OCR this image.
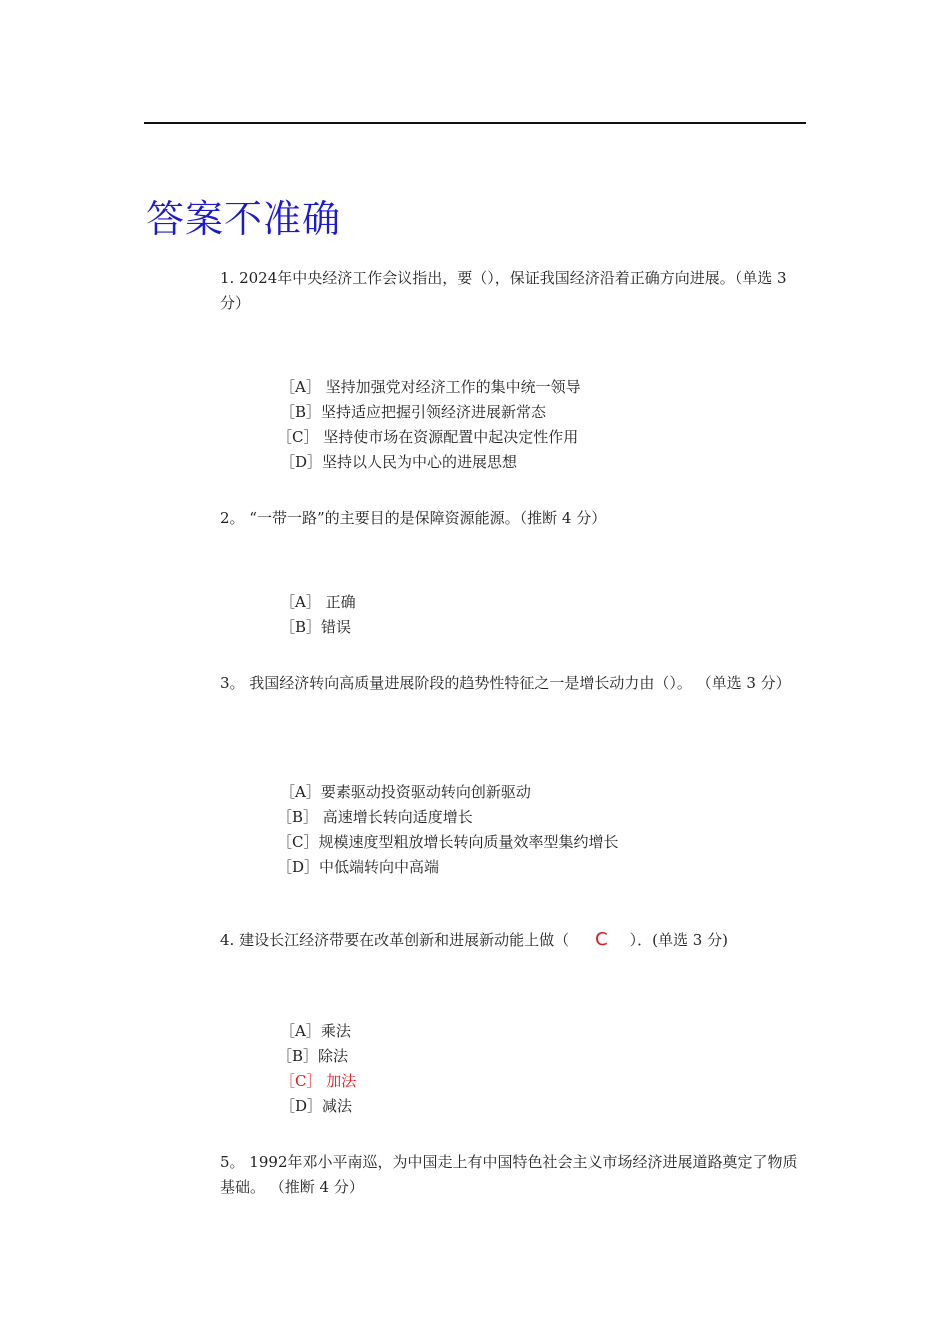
答案不准确
1. 2024年中央经济工作会议指出，要（），保证我国经济沿着正确方向进展。（单选 3 分）
［A］ 坚持加强党对经济工作的集中统一领导
［B］坚持适应把握引领经济进展新常态
［C］ 坚持使市场在资源配置中起决定性作用
［D］坚持以人民为中心的进展思想
2。 “一带一路”的主要目的是保障资源能源。（推断 4 分）
［A］ 正确
［B］错误
3。 我国经济转向高质量进展阶段的趋势性特征之一是增长动力由（）。 （单选 3 分）
［A］要素驱动投资驱动转向创新驱动
［B］ 高速增长转向适度增长
［C］规模速度型粗放增长转向质量效率型集约增长
［D］中低端转向中高端
4. 建设长江经济带要在改革创新和进展新动能上做（ C ）．(单选 3 分)
［A］乘法
［B］除法
［C］ 加法
［D］减法
5。 1992年邓小平南巡，为中国走上有中国特色社会主义市场经济进展道路奠定了物质基础。 （推断 4 分）
